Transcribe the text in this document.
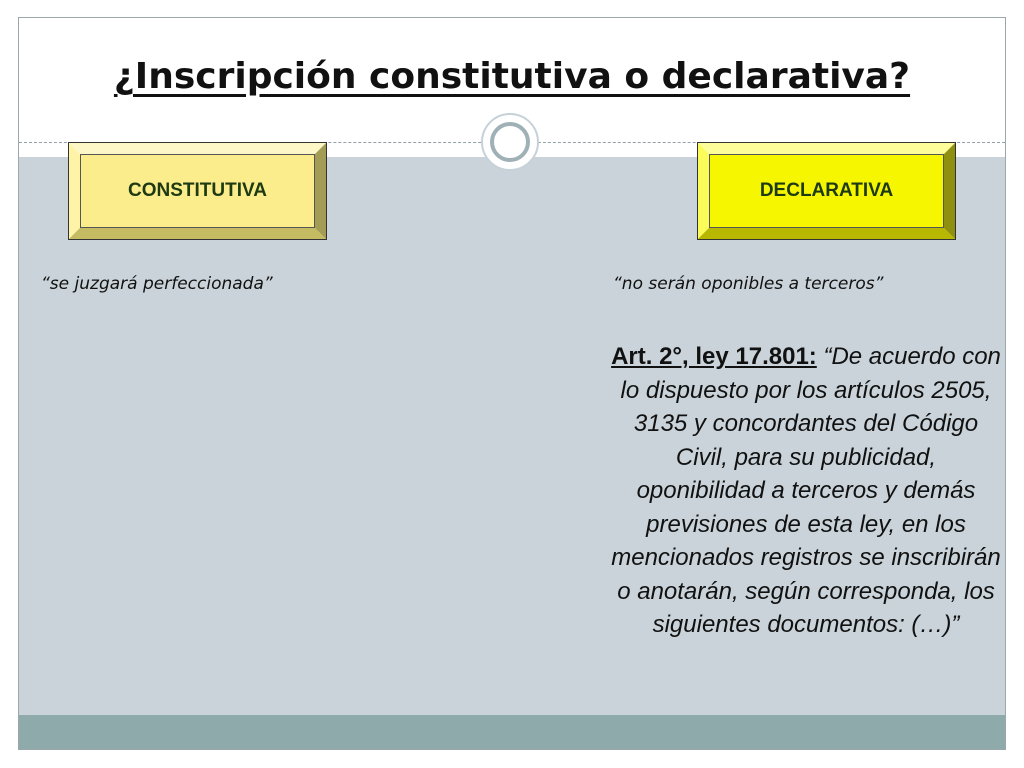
¿Inscripción constitutiva o declarativa?
CONSTITUTIVA	DECLARATIVA
“se juzgará perfeccionada”	“no serán oponibles a terceros”
Art. 2°, ley 17.801: “De acuerdo con lo dispuesto por los artículos 2505, 3135 y concordantes del Código Civil, para su publicidad, oponibilidad a terceros y demás previsiones de esta ley, en los mencionados registros se inscribirán o anotarán, según corresponda, los siguientes documentos: (…)”
